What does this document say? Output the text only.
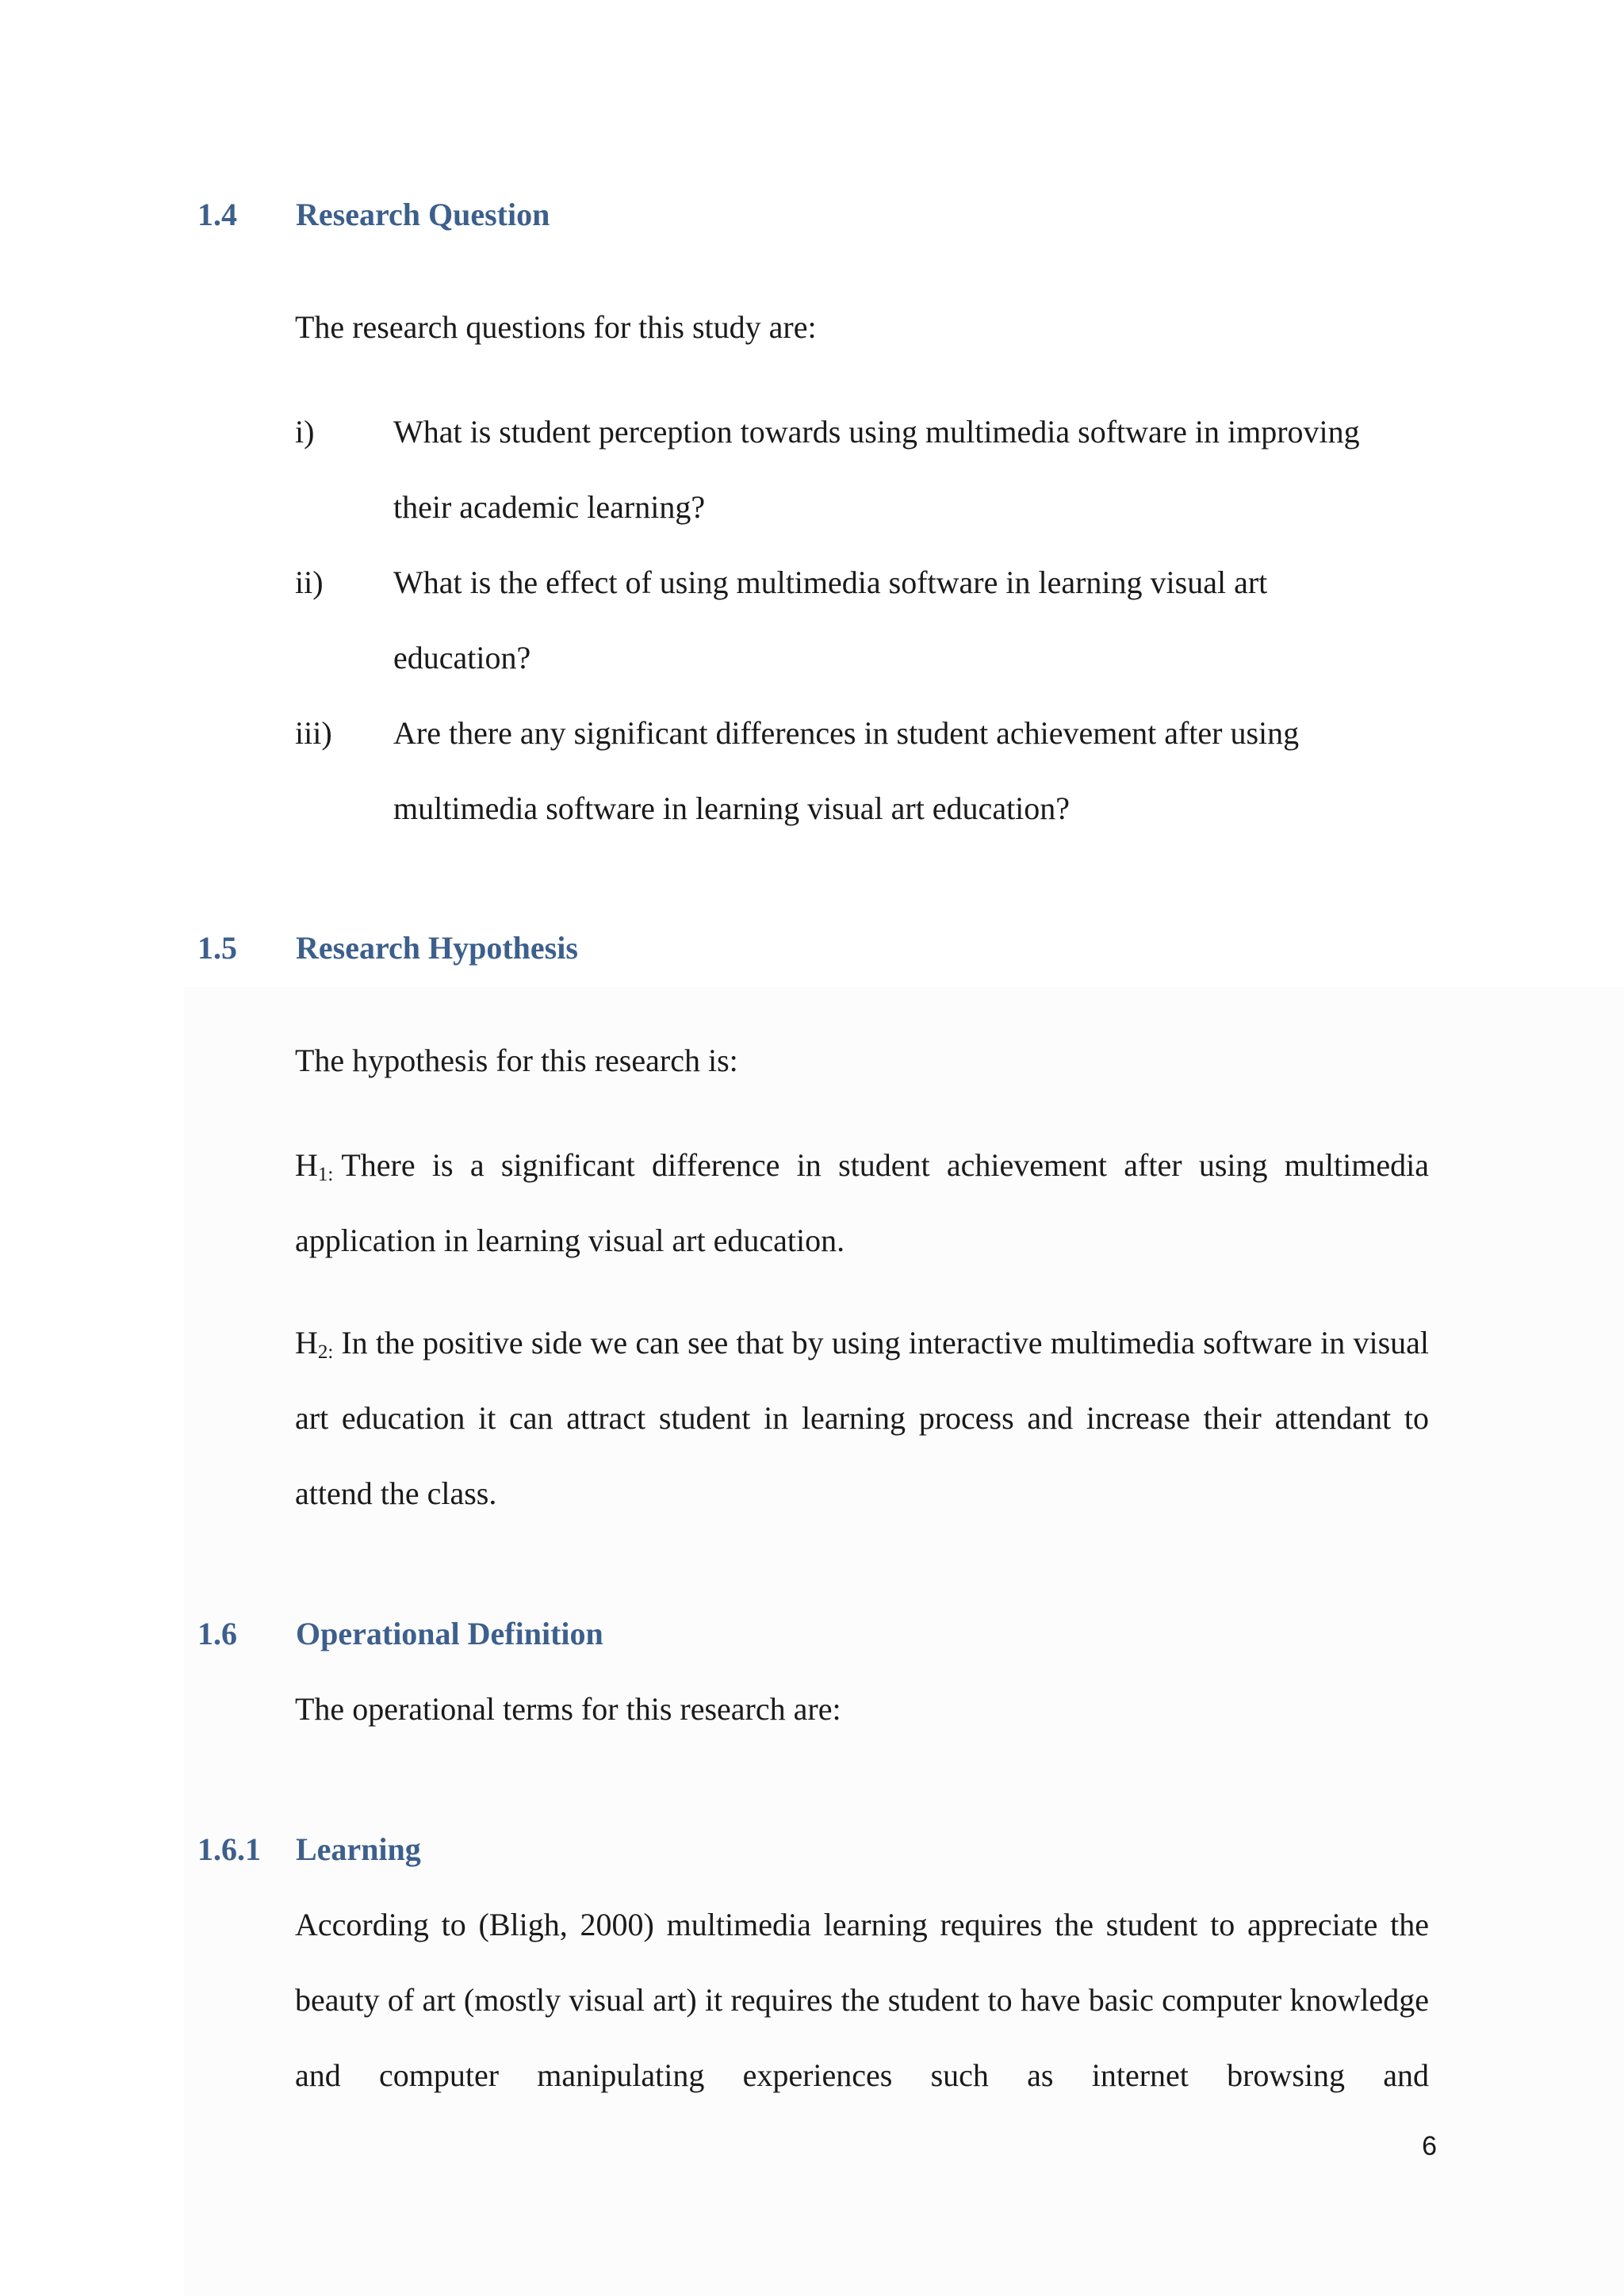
1.4 Research Question

The research questions for this study are:

i) What is student perception towards using multimedia software in improving
their academic learning?
ii) What is the effect of using multimedia software in learning visual art
education?
iii) Are there any significant differences in student achievement after using
multimedia software in learning visual art education?
1.5 Research Hypothesis

The hypothesis for this research is:

$H_{1:}$ There is a significant difference in student achievement after using multimedia application in learning visual art education.

$H_{2:}$ In the positive side we can see that by using interactive multimedia software in visual art education it can attract student in learning process and increase their attendant to attend the class.

1.6 Operational Definition

The operational terms for this research are:

1.6.1 Learning

According to (Bligh, 2000) multimedia learning requires the student to appreciate the beauty of art (mostly visual art) it requires the student to have basic computer knowledge and computer manipulating experiences such as internet browsing and

6
